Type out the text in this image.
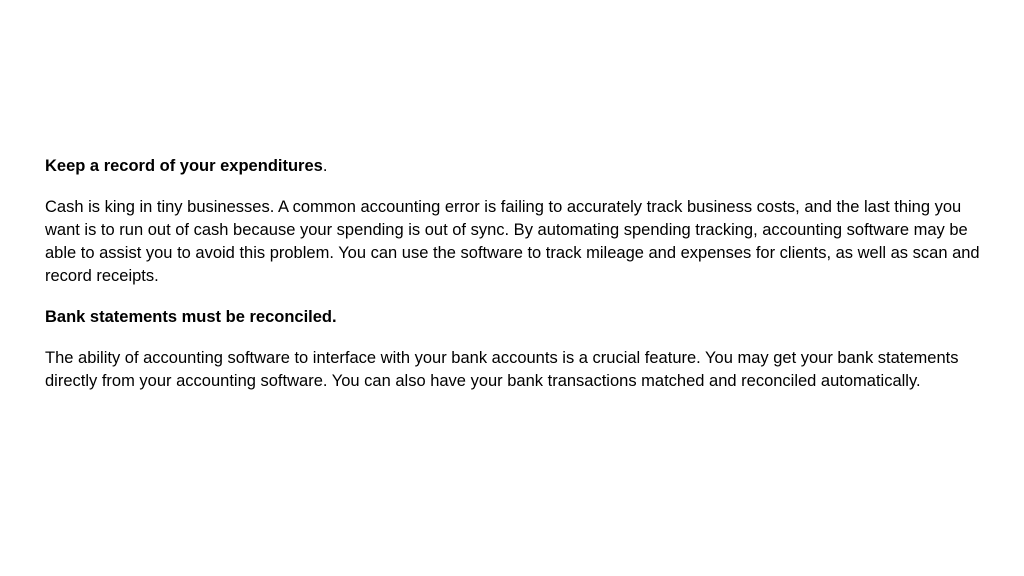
Keep a record of your expenditures.

Cash is king in tiny businesses. A common accounting error is failing to accurately track business costs, and the last thing you want is to run out of cash because your spending is out of sync. By automating spending tracking, accounting software may be able to assist you to avoid this problem. You can use the software to track mileage and expenses for clients, as well as scan and record receipts.

Bank statements must be reconciled.

The ability of accounting software to interface with your bank accounts is a crucial feature. You may get your bank statements directly from your accounting software. You can also have your bank transactions matched and reconciled automatically.
